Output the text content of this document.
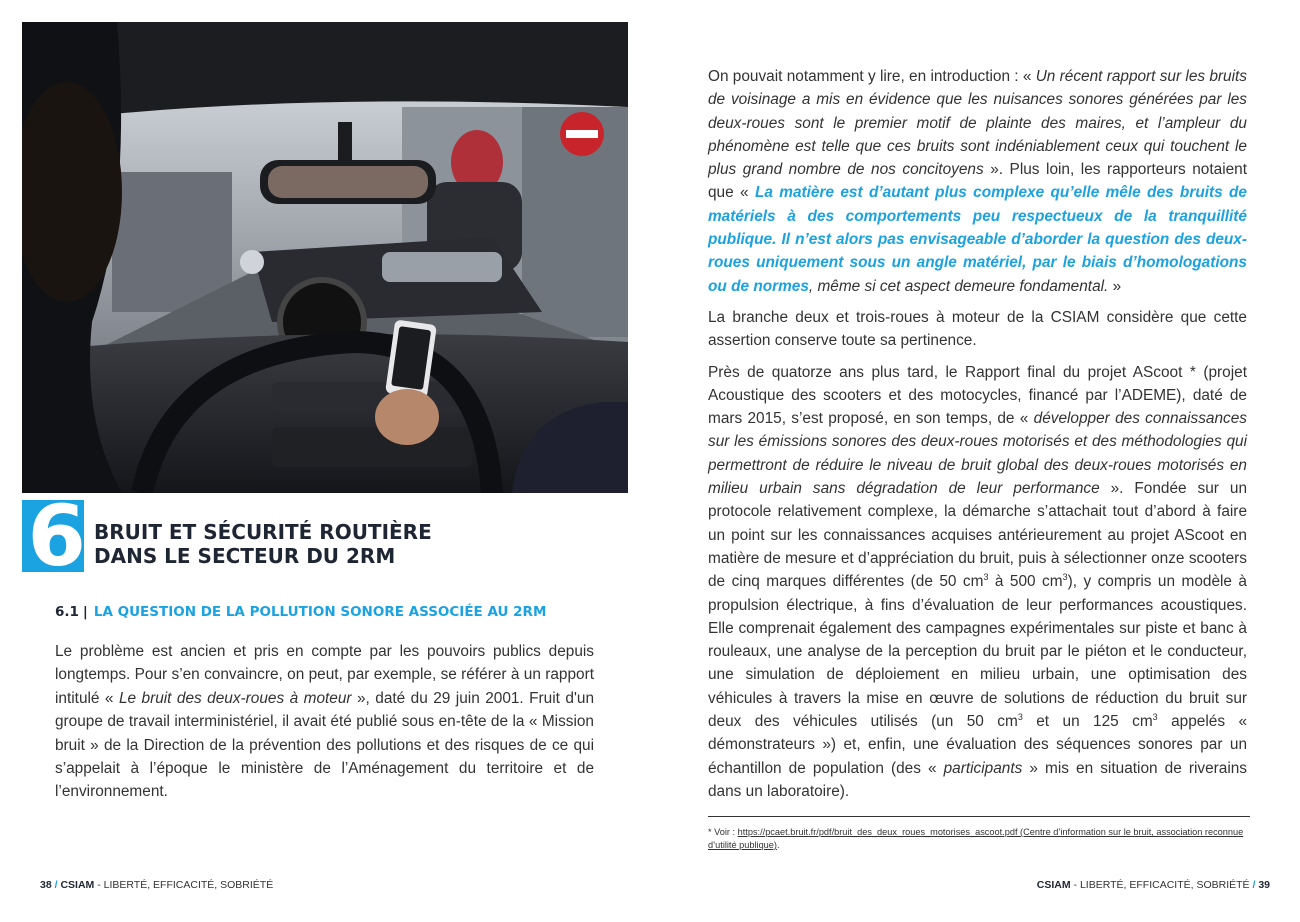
6 BRUIT ET SÉCURITÉ ROUTIÈRE
DANS LE SECTEUR DU 2RM
6.1 | LA QUESTION DE LA POLLUTION SONORE ASSOCIÉE AU 2RM

Le problème est ancien et pris en compte par les pouvoirs publics depuis longtemps. Pour s’en convaincre, on peut, par exemple, se référer à un rapport intitulé « Le bruit des deux-roues à moteur », daté du 29 juin 2001. Fruit d'un groupe de travail interministériel, il avait été publié sous en-tête de la « Mission bruit » de la Direction de la prévention des pollutions et des risques de ce qui s’appelait à l’époque le ministère de l’Aménagement du territoire et de l’environnement.

On pouvait notamment y lire, en introduction : « Un récent rapport sur les bruits de voisinage a mis en évidence que les nuisances sonores générées par les deux-roues sont le premier motif de plainte des maires, et l’ampleur du phénomène est telle que ces bruits sont indéniablement ceux qui touchent le plus grand nombre de nos concitoyens ». Plus loin, les rapporteurs notaient que « La matière est d’autant plus complexe qu’elle mêle des bruits de matériels à des comportements peu respectueux de la tranquillité publique. Il n’est alors pas envisageable d’aborder la question des deux-roues uniquement sous un angle matériel, par le biais d’homologations ou de normes, même si cet aspect demeure fondamental. »

La branche deux et trois-roues à moteur de la CSIAM considère que cette assertion conserve toute sa pertinence.

Près de quatorze ans plus tard, le Rapport final du projet AScoot * (projet Acoustique des scooters et des motocycles, financé par l’ADEME), daté de mars 2015, s’est proposé, en son temps, de « développer des connaissances sur les émissions sonores des deux-roues motorisés et des méthodologies qui permettront de réduire le niveau de bruit global des deux-roues motorisés en milieu urbain sans dégradation de leur performance ». Fondée sur un protocole relativement complexe, la démarche s’attachait tout d’abord à faire un point sur les connaissances acquises antérieurement au projet AScoot en matière de mesure et d’appréciation du bruit, puis à sélectionner onze scooters de cinq marques différentes (de 50 $cm^3$ à 500 $cm^3$), y compris un modèle à propulsion électrique, à fins d’évaluation de leur performances acoustiques. Elle comprenait également des campagnes expérimentales sur piste et banc à rouleaux, une analyse de la perception du bruit par le piéton et le conducteur, une simulation de déploiement en milieu urbain, une optimisation des véhicules à travers la mise en œuvre de solutions de réduction du bruit sur deux des véhicules utilisés (un 50 $cm^3$ et un 125 $cm^3$ appelés « démonstrateurs ») et, enfin, une évaluation des séquences sonores par un échantillon de population (des « participants » mis en situation de riverains dans un laboratoire).

* Voir : https://pcaet.bruit.fr/pdf/bruit_des_deux_roues_motorises_ascoot.pdf (Centre d’information sur le bruit, association reconnue d’utilité publique).
38 / CSIAM - LIBERTÉ, EFFICACITÉ, SOBRIÉTÉ	CSIAM - LIBERTÉ, EFFICACITÉ, SOBRIÉTÉ / 39
